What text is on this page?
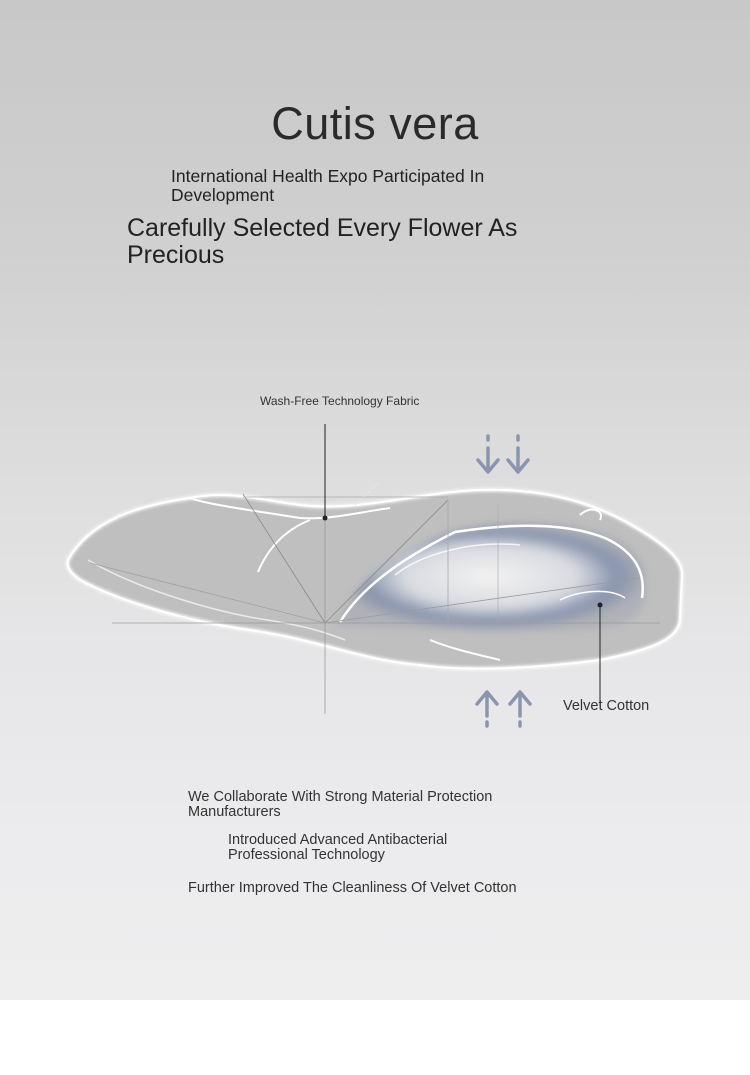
Cutis vera
International Health Expo Participated In Development
Carefully Selected Every Flower As Precious
Wash-Free Technology Fabric
Velvet Cotton
We Collaborate With Strong Material Protection Manufacturers
Introduced Advanced Antibacterial Professional Technology
Further Improved The Cleanliness Of Velvet Cotton
